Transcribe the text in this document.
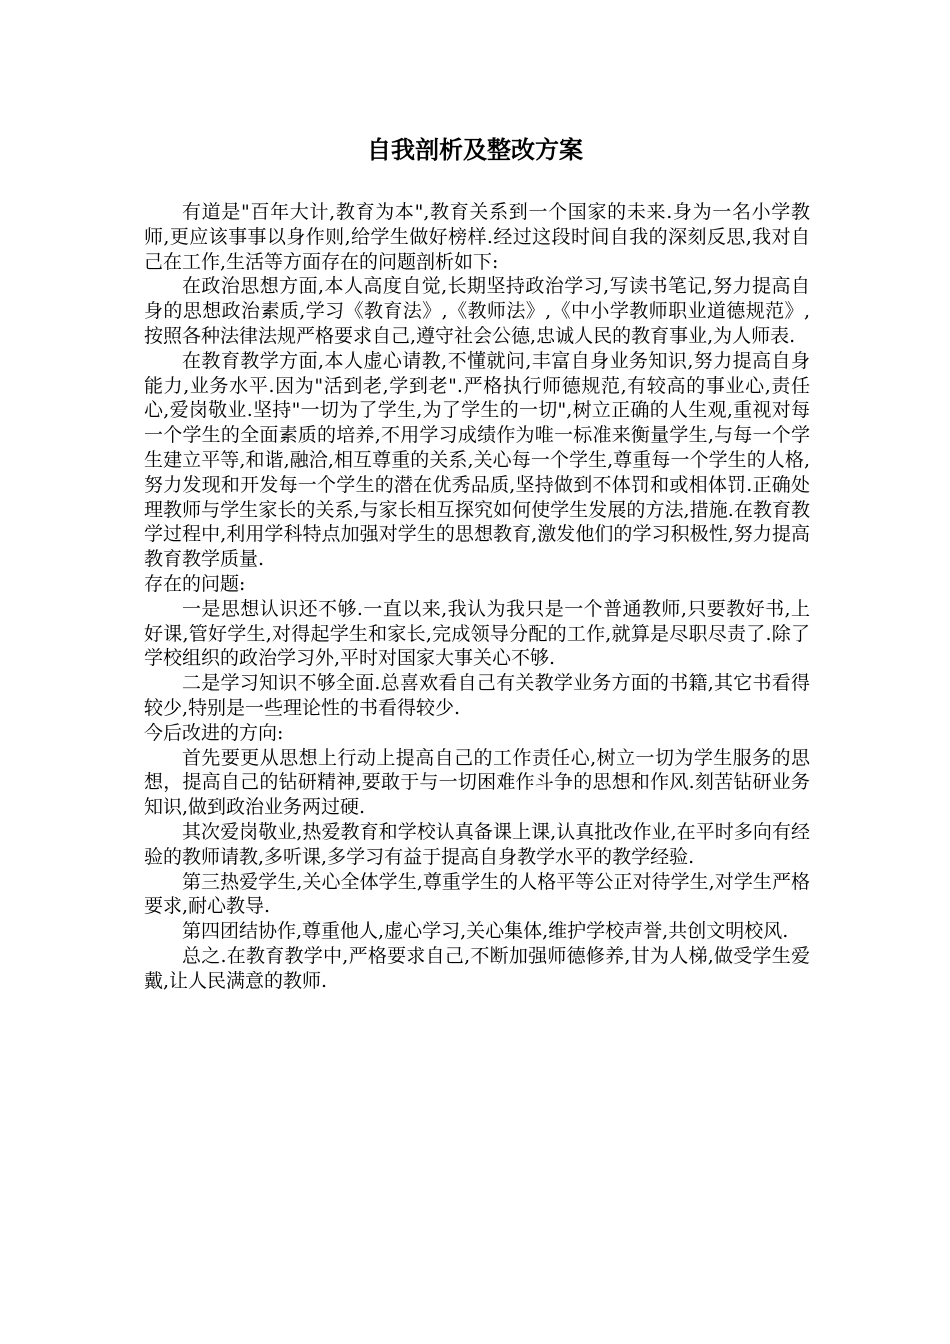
自我剖析及整改方案

有道是"百年大计,教育为本",教育关系到一个国家的未来.身为一名小学教师,更应该事事以身作则,给学生做好榜样.经过这段时间自我的深刻反思,我对自己在工作,生活等方面存在的问题剖析如下:

在政治思想方面,本人高度自觉,长期坚持政治学习,写读书笔记,努力提高自身的思想政治素质,学习《教育法》,《教师法》,《中小学教师职业道德规范》,按照各种法律法规严格要求自己,遵守社会公德,忠诚人民的教育事业,为人师表.

在教育教学方面,本人虚心请教,不懂就问,丰富自身业务知识,努力提高自身能力,业务水平.因为"活到老,学到老".严格执行师德规范,有较高的事业心,责任心,爱岗敬业.坚持"一切为了学生,为了学生的一切",树立正确的人生观,重视对每一个学生的全面素质的培养,不用学习成绩作为唯一标准来衡量学生,与每一个学生建立平等,和谐,融洽,相互尊重的关系,关心每一个学生,尊重每一个学生的人格,努力发现和开发每一个学生的潜在优秀品质,坚持做到不体罚和或相体罚.正确处理教师与学生家长的关系,与家长相互探究如何使学生发展的方法,措施.在教育教学过程中,利用学科特点加强对学生的思想教育,激发他们的学习积极性,努力提高教育教学质量.

存在的问题:

一是思想认识还不够.一直以来,我认为我只是一个普通教师,只要教好书,上好课,管好学生,对得起学生和家长,完成领导分配的工作,就算是尽职尽责了.除了学校组织的政治学习外,平时对国家大事关心不够.

二是学习知识不够全面.总喜欢看自己有关教学业务方面的书籍,其它书看得较少,特别是一些理论性的书看得较少.

今后改进的方向:

首先要更从思想上行动上提高自己的工作责任心,树立一切为学生服务的思想，提高自己的钻研精神,要敢于与一切困难作斗争的思想和作风.刻苦钻研业务知识,做到政治业务两过硬.

其次爱岗敬业,热爱教育和学校认真备课上课,认真批改作业,在平时多向有经验的教师请教,多听课,多学习有益于提高自身教学水平的教学经验.

第三热爱学生,关心全体学生,尊重学生的人格平等公正对待学生,对学生严格要求,耐心教导.

第四团结协作,尊重他人,虚心学习,关心集体,维护学校声誉,共创文明校风.

总之.在教育教学中,严格要求自己,不断加强师德修养,甘为人梯,做受学生爱戴,让人民满意的教师.
